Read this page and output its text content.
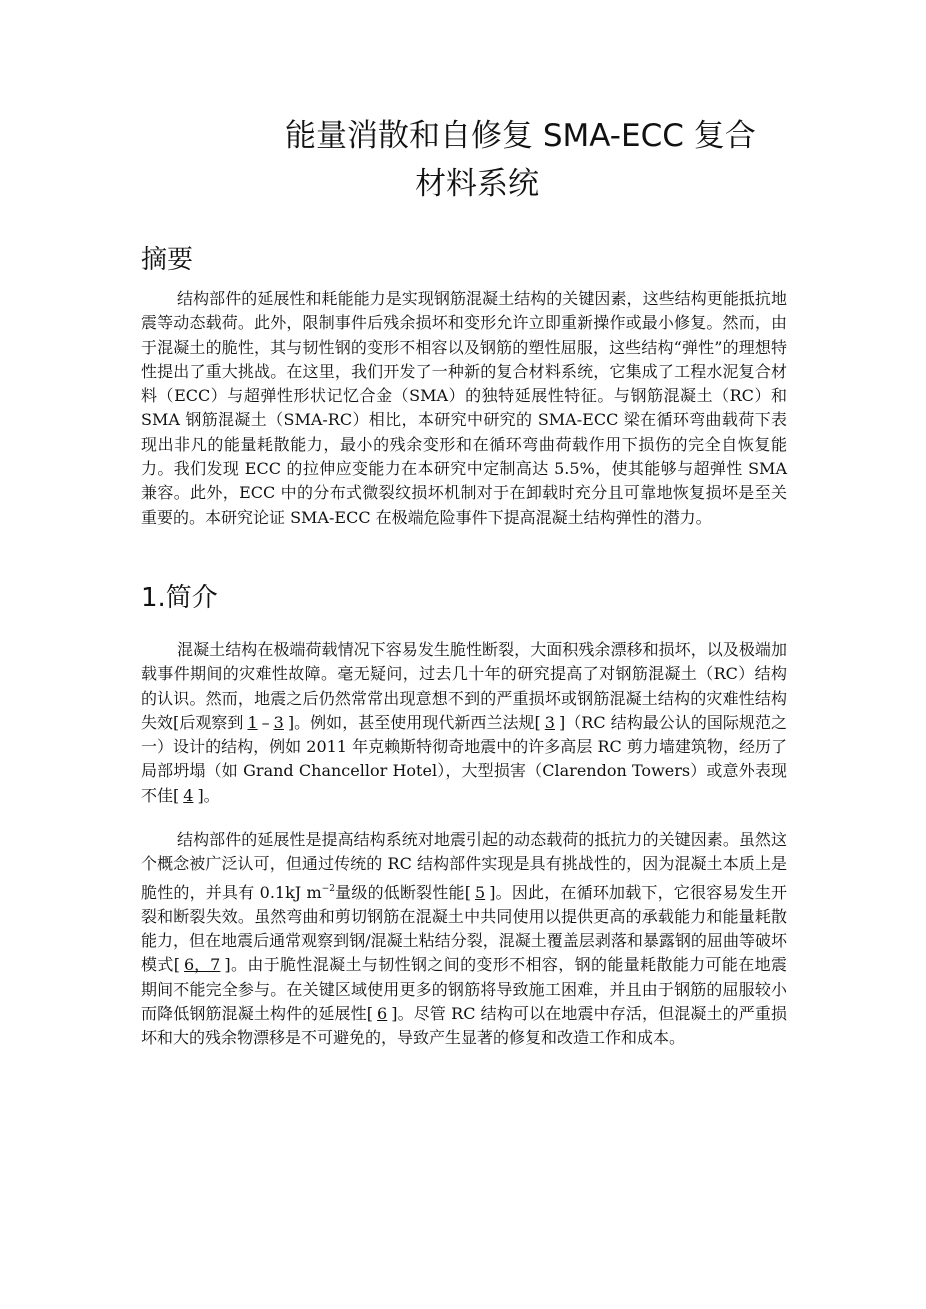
能量消散和自修复 SMA-ECC 复合
材料系统
摘要

结构部件的延展性和耗能能力是实现钢筋混凝土结构的关键因素，这些结构更能抵抗地震等动态载荷。此外，限制事件后残余损坏和变形允许立即重新操作或最小修复。然而，由于混凝土的脆性，其与韧性钢的变形不相容以及钢筋的塑性屈服，这些结构“弹性”的理想特性提出了重大挑战。在这里，我们开发了一种新的复合材料系统，它集成了工程水泥复合材料（ECC）与超弹性形状记忆合金（SMA）的独特延展性特征。与钢筋混凝土（RC）和 SMA 钢筋混凝土（SMA-RC）相比，本研究中研究的 SMA-ECC 梁在循环弯曲载荷下表现出非凡的能量耗散能力，最小的残余变形和在循环弯曲荷载作用下损伤的完全自恢复能力。我们发现 ECC 的拉伸应变能力在本研究中定制高达 5.5%，使其能够与超弹性 SMA 兼容。此外，ECC 中的分布式微裂纹损坏机制对于在卸载时充分且可靠地恢复损坏是至关重要的。本研究论证 SMA-ECC 在极端危险事件下提高混凝土结构弹性的潜力。

1.简介

混凝土结构在极端荷载情况下容易发生脆性断裂，大面积残余漂移和损坏，以及极端加载事件期间的灾难性故障。毫无疑问，过去几十年的研究提高了对钢筋混凝土（RC）结构的认识。然而，地震之后仍然常常出现意想不到的严重损坏或钢筋混凝土结构的灾难性结构失效[后观察到 1 – 3 ]。例如，甚至使用现代新西兰法规[ 3 ]（RC 结构最公认的国际规范之一）设计的结构，例如 2011 年克赖斯特彻奇地震中的许多高层 RC 剪力墙建筑物，经历了局部坍塌（如 Grand Chancellor Hotel），大型损害（Clarendon Towers）或意外表现不佳[ 4 ]。

结构部件的延展性是提高结构系统对地震引起的动态载荷的抵抗力的关键因素。虽然这个概念被广泛认可，但通过传统的 RC 结构部件实现是具有挑战性的，因为混凝土本质上是脆性的，并具有 0.1kJ $m^{-2}$量级的低断裂性能[ 5 ]。因此，在循环加载下，它很容易发生开裂和断裂失效。虽然弯曲和剪切钢筋在混凝土中共同使用以提供更高的承载能力和能量耗散能力，但在地震后通常观察到钢/混凝土粘结分裂，混凝土覆盖层剥落和暴露钢的屈曲等破坏模式[ 6，7 ]。由于脆性混凝土与韧性钢之间的变形不相容，钢的能量耗散能力可能在地震期间不能完全参与。在关键区域使用更多的钢筋将导致施工困难，并且由于钢筋的屈服较小而降低钢筋混凝土构件的延展性[ 6 ]。尽管 RC 结构可以在地震中存活，但混凝土的严重损坏和大的残余物漂移是不可避免的，导致产生显著的修复和改造工作和成本。
